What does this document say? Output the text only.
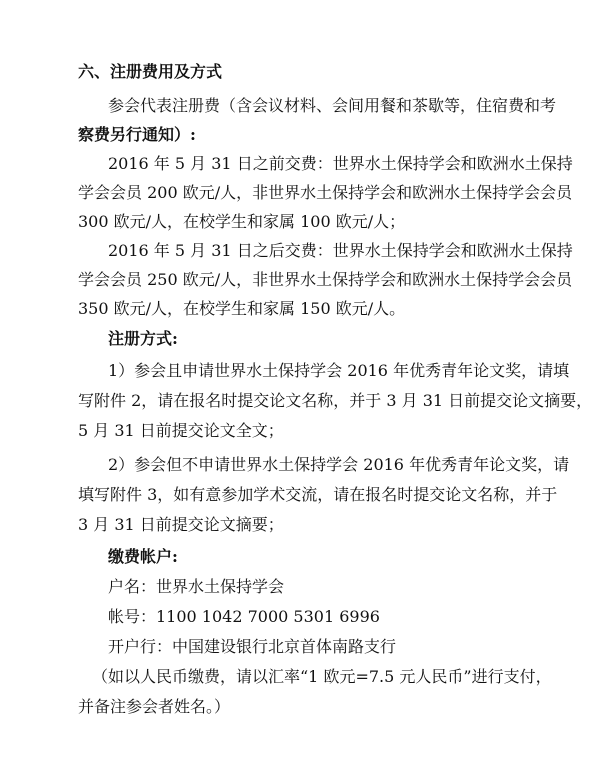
六、注册费用及方式

参会代表注册费（含会议材料、会间用餐和茶歇等，住宿费和考

察费另行通知）:

2016 年 5 月 31 日之前交费：世界水土保持学会和欧洲水土保持

学会会员 200 欧元/人，非世界水土保持学会和欧洲水土保持学会会员

300 欧元/人，在校学生和家属 100 欧元/人；

2016 年 5 月 31 日之后交费：世界水土保持学会和欧洲水土保持

学会会员 250 欧元/人，非世界水土保持学会和欧洲水土保持学会会员

350 欧元/人，在校学生和家属 150 欧元/人。

注册方式:

1）参会且申请世界水土保持学会 2016 年优秀青年论文奖，请填

写附件 2，请在报名时提交论文名称，并于 3 月 31 日前提交论文摘要，

5 月 31 日前提交论文全文；

2）参会但不申请世界水土保持学会 2016 年优秀青年论文奖，请

填写附件 3，如有意参加学术交流，请在报名时提交论文名称，并于

3 月 31 日前提交论文摘要；

缴费帐户:

户名：世界水土保持学会

帐号：1100 1042 7000 5301 6996

开户行：中国建设银行北京首体南路支行

（如以人民币缴费，请以汇率“1 欧元=7.5 元人民币”进行支付，

并备注参会者姓名。）
